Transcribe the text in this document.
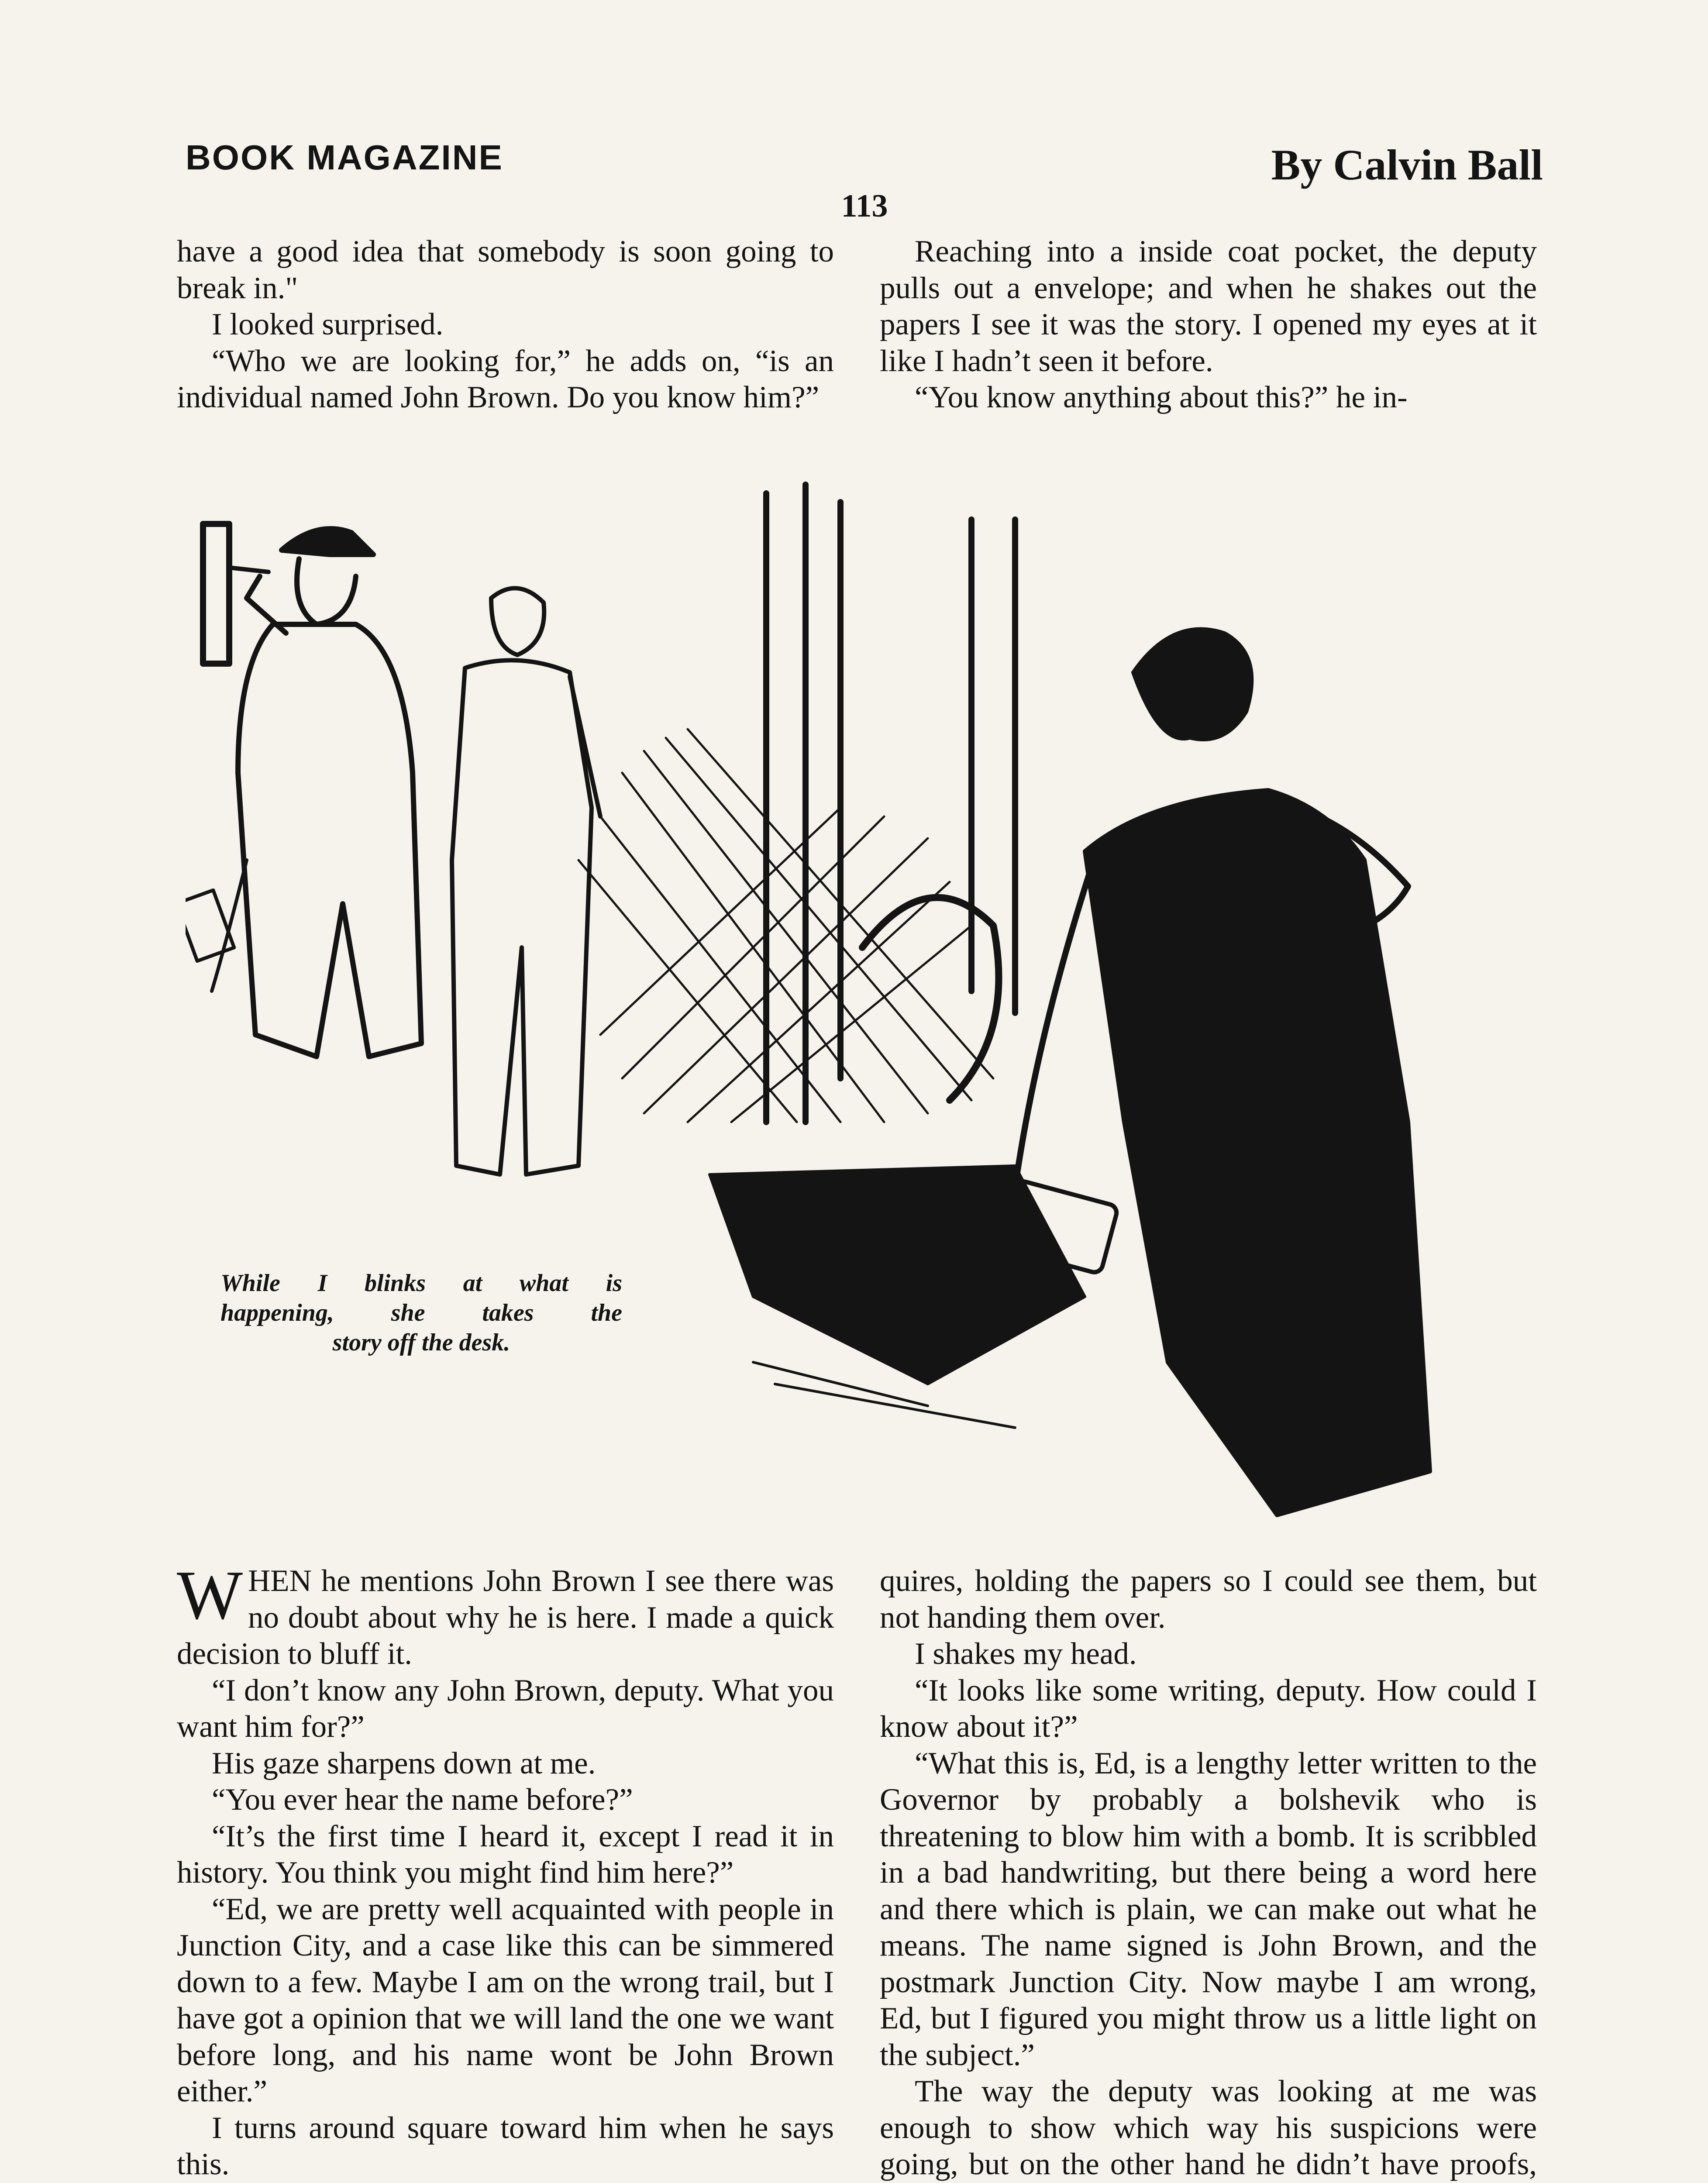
BOOK MAGAZINE	By Calvin Ball
113

have a good idea that somebody is soon going to break in."

I looked surprised.

“Who we are looking for,” he adds on, “is an individual named John Brown. Do you know him?”

Reaching into a inside coat pocket, the deputy pulls out a envelope; and when he shakes out the papers I see it was the story. I opened my eyes at it like I hadn’t seen it before.

“You know anything about this?” he in-

While I blinks at what is
happening, she takes the
story off the desk.

WHEN he mentions John Brown I see there was no doubt about why he is here. I made a quick decision to bluff it.

“I don’t know any John Brown, deputy. What you want him for?”

His gaze sharpens down at me.

“You ever hear the name before?”

“It’s the first time I heard it, except I read it in history. You think you might find him here?”

“Ed, we are pretty well acquainted with people in Junction City, and a case like this can be simmered down to a few. Maybe I am on the wrong trail, but I have got a opinion that we will land the one we want before long, and his name wont be John Brown either.”

I turns around square toward him when he says this.

quires, holding the papers so I could see them, but not handing them over.

I shakes my head.

“It looks like some writing, deputy. How could I know about it?”

“What this is, Ed, is a lengthy letter written to the Governor by probably a bolshevik who is threatening to blow him with a bomb. It is scribbled in a bad handwriting, but there being a word here and there which is plain, we can make out what he means. The name signed is John Brown, and the postmark Junction City. Now maybe I am wrong, Ed, but I figured you might throw us a little light on the subject.”

The way the deputy was looking at me was enough to show which way his suspicions were going, but on the other hand he didn’t have proofs,
